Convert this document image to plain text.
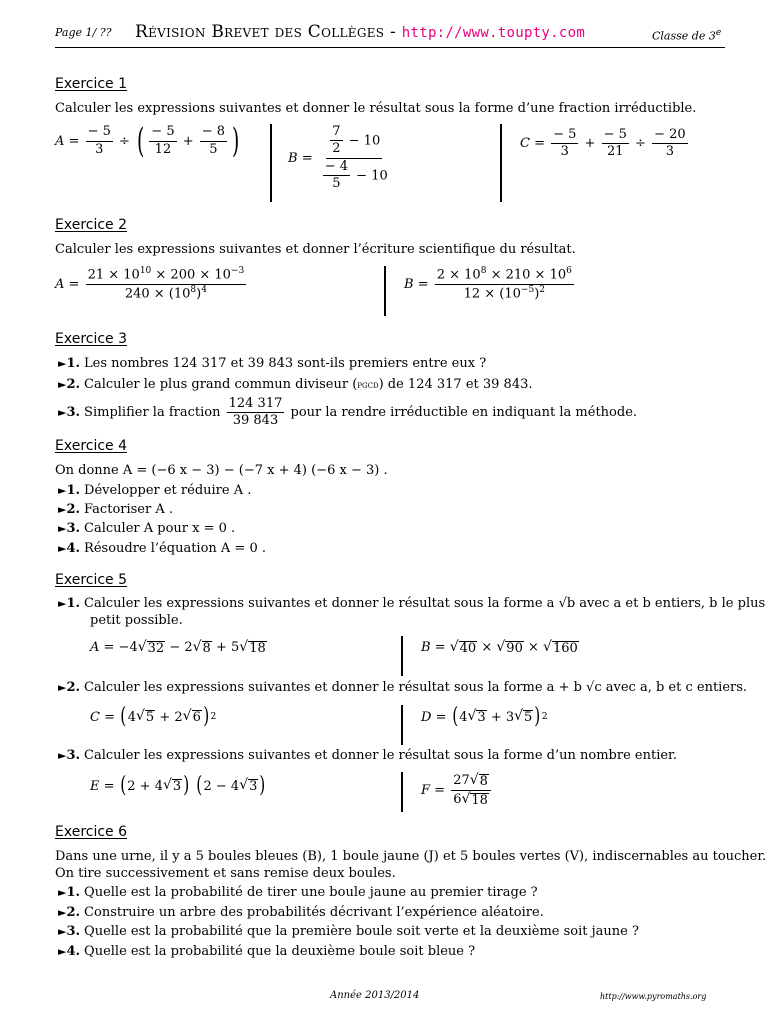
Page 1/ ?? Révision Brevet des Collèges - http://www.toupty.com	Classe de 3e
Exercice 1
Calculer les expressions suivantes et donner le résultat sous la forme d’une fraction irréductible.
$A = \frac{- 5}{3}$ ÷ ( $\frac{- 5}{12} + \frac{- 8}{5}$ )	$B = \frac{\frac{7}{2} - 10}{\frac{- 4}{5} - 10}$	$C = \frac{- 5}{3} + \frac{- 5}{21} \div \frac{- 20}{3}$
Exercice 2
Calculer les expressions suivantes et donner l’écriture scientifique du résultat.
$A = \frac{21 \times 10^{10} \times 200 \times 10^{-3}}{240 \times (10^8)^4}$	$B = \frac{2 \times 10^8 \times 210 \times 10^6}{12 \times (10^{-5})^2}$
Exercice 3
►1. Les nombres 124 317 et 39 843 sont-ils premiers entre eux ?
►2. Calculer le plus grand commun diviseur (pgcd) de 124 317 et 39 843.
► 3. Simplifier la fraction
$\frac{124 317}{39 843}$
pour la rendre irréductible en indiquant la méthode.
Exercice 4
On donne A = (−6 x − 3) − (−7 x + 4) (−6 x − 3) .
►1. Développer et réduire A .
►2. Factoriser A .
►3. Calculer A pour x = 0 .
►4. Résoudre l’équation A = 0 .
Exercice 5
►1. Calculer les expressions suivantes et donner le résultat sous la forme a √b avec a et b entiers, b le plus
petit possible.
A = −4 √ 32 − 2 √ 8 + 5 √ 18	B = √ 40 × √ 90 × √ 160
►2. Calculer les expressions suivantes et donner le résultat sous la forme a + b √c avec a, b et c entiers.
C = ( 4 √ 5 + 2 √ 6 ) 2	D = ( 4 √ 3 + 3 √ 5 ) 2
►3. Calculer les expressions suivantes et donner le résultat sous la forme d’un nombre entier.
E = ( 2 + 4 √ 3 )
( 2 − 4 √ 3 )	$F = \frac{27 √ 8}{6 √ 18}$
Exercice 6
Dans une urne, il y a 5 boules bleues (B), 1 boule jaune (J) et 5 boules vertes (V), indiscernables au toucher.
On tire successivement et sans remise deux boules.
►1. Quelle est la probabilité de tirer une boule jaune au premier tirage ?
►2. Construire un arbre des probabilités décrivant l’expérience aléatoire.
►3. Quelle est la probabilité que la première boule soit verte et la deuxième soit jaune ?
►4. Quelle est la probabilité que la deuxième boule soit bleue ?
Année 2013/2014	http://www.pyromaths.org
